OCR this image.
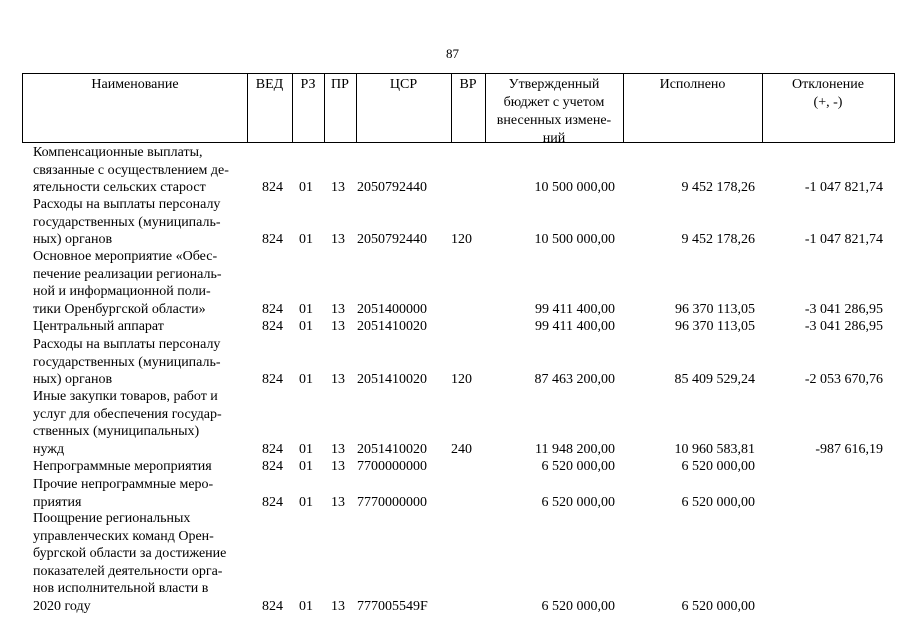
87
Наименование	ВЕД	РЗ	ПР	ЦСР	ВР	Утвержденный
бюджет с учетом
внесенных измене-
ний
Исполнено	Отклонение
(+, -)
Компенсационные выплаты,
связанные с осуществлением де-
ятельности сельских старост	824 01 13 2050792440	10 500 000,00	9 452 178,26	-1 047 821,74
Расходы на выплаты персоналу
государственных (муниципаль-
ных) органов	824 01 13 2050792440 120	10 500 000,00	9 452 178,26	-1 047 821,74
Основное мероприятие «Обес-
печение реализации региональ-
ной и информационной поли-
тики Оренбургской области»	824 01 13 2051400000	99 411 400,00	96 370 113,05	-3 041 286,95
Центральный аппарат	824 01 13 2051410020	99 411 400,00	96 370 113,05	-3 041 286,95
Расходы на выплаты персоналу
государственных (муниципаль-
ных) органов	824 01 13 2051410020 120	87 463 200,00	85 409 529,24	-2 053 670,76
Иные закупки товаров, работ и
услуг для обеспечения государ-
ственных (муниципальных)
нужд	824 01 13 2051410020 240	11 948 200,00	10 960 583,81	-987 616,19
Непрограммные мероприятия	824 01 13 7700000000	6 520 000,00	6 520 000,00
Прочие непрограммные меро-
приятия	824 01 13 7770000000	6 520 000,00	6 520 000,00
Поощрение региональных
управленческих команд Орен-
бургской области за достижение
показателей деятельности орга-
нов исполнительной власти в
2020 году	824 01 13 777005549F	6 520 000,00	6 520 000,00
